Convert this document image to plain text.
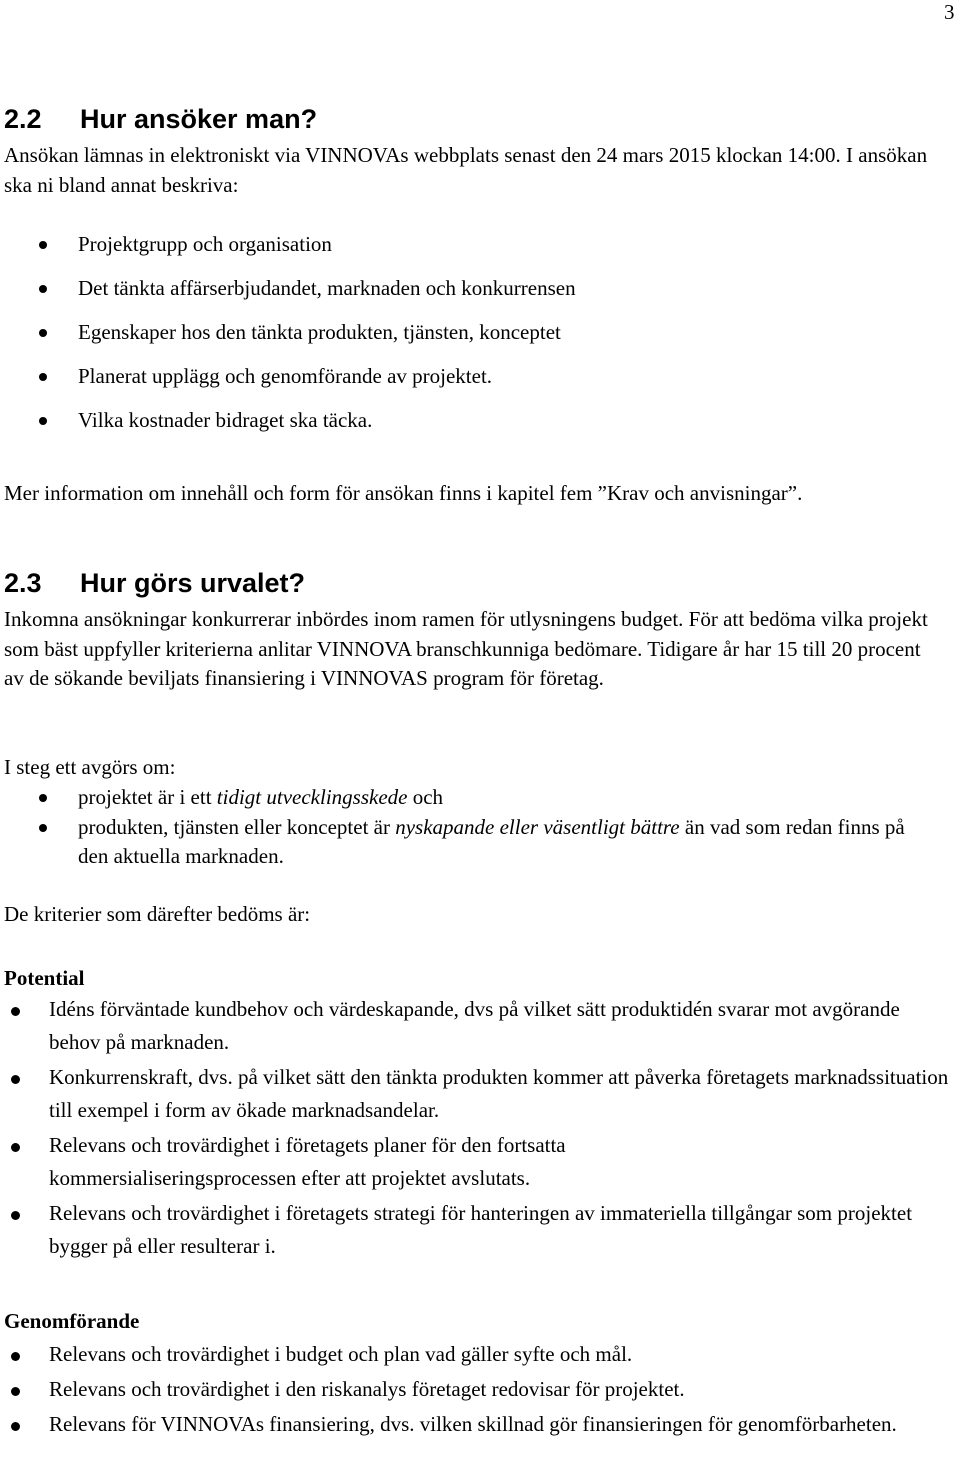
3
2.2 Hur ansöker man?

Ansökan lämnas in elektroniskt via VINNOVAs webbplats senast den 24 mars 2015 klockan 14:00. I ansökan ska ni bland annat beskriva:

Projektgrupp och organisation
Det tänkta affärserbjudandet, marknaden och konkurrensen
Egenskaper hos den tänkta produkten, tjänsten, konceptet
Planerat upplägg och genomförande av projektet.
Vilka kostnader bidraget ska täcka.

Mer information om innehåll och form för ansökan finns i kapitel fem ”Krav och anvisningar”.

2.3 Hur görs urvalet?

Inkomna ansökningar konkurrerar inbördes inom ramen för utlysningens budget. För att bedöma vilka projekt som bäst uppfyller kriterierna anlitar VINNOVA branschkunniga bedömare. Tidigare år har 15 till 20 procent av de sökande beviljats finansiering i VINNOVAS program för företag.

I steg ett avgörs om:

projektet är i ett tidigt utvecklingsskede och
produkten, tjänsten eller konceptet är nyskapande eller väsentligt bättre än vad som redan finns på den aktuella marknaden.

De kriterier som därefter bedöms är:

Potential
Idéns förväntade kundbehov och värdeskapande, dvs på vilket sätt produktidén svarar mot avgörande behov på marknaden.
Konkurrenskraft, dvs. på vilket sätt den tänkta produkten kommer att påverka företagets marknadssituation till exempel i form av ökade marknadsandelar.
Relevans och trovärdighet i företagets planer för den fortsatta kommersialiseringsprocessen efter att projektet avslutats.
Relevans och trovärdighet i företagets strategi för hanteringen av immateriella tillgångar som projektet bygger på eller resulterar i.
Genomförande
Relevans och trovärdighet i budget och plan vad gäller syfte och mål.
Relevans och trovärdighet i den riskanalys företaget redovisar för projektet.
Relevans för VINNOVAs finansiering, dvs. vilken skillnad gör finansieringen för genomförbarheten.
